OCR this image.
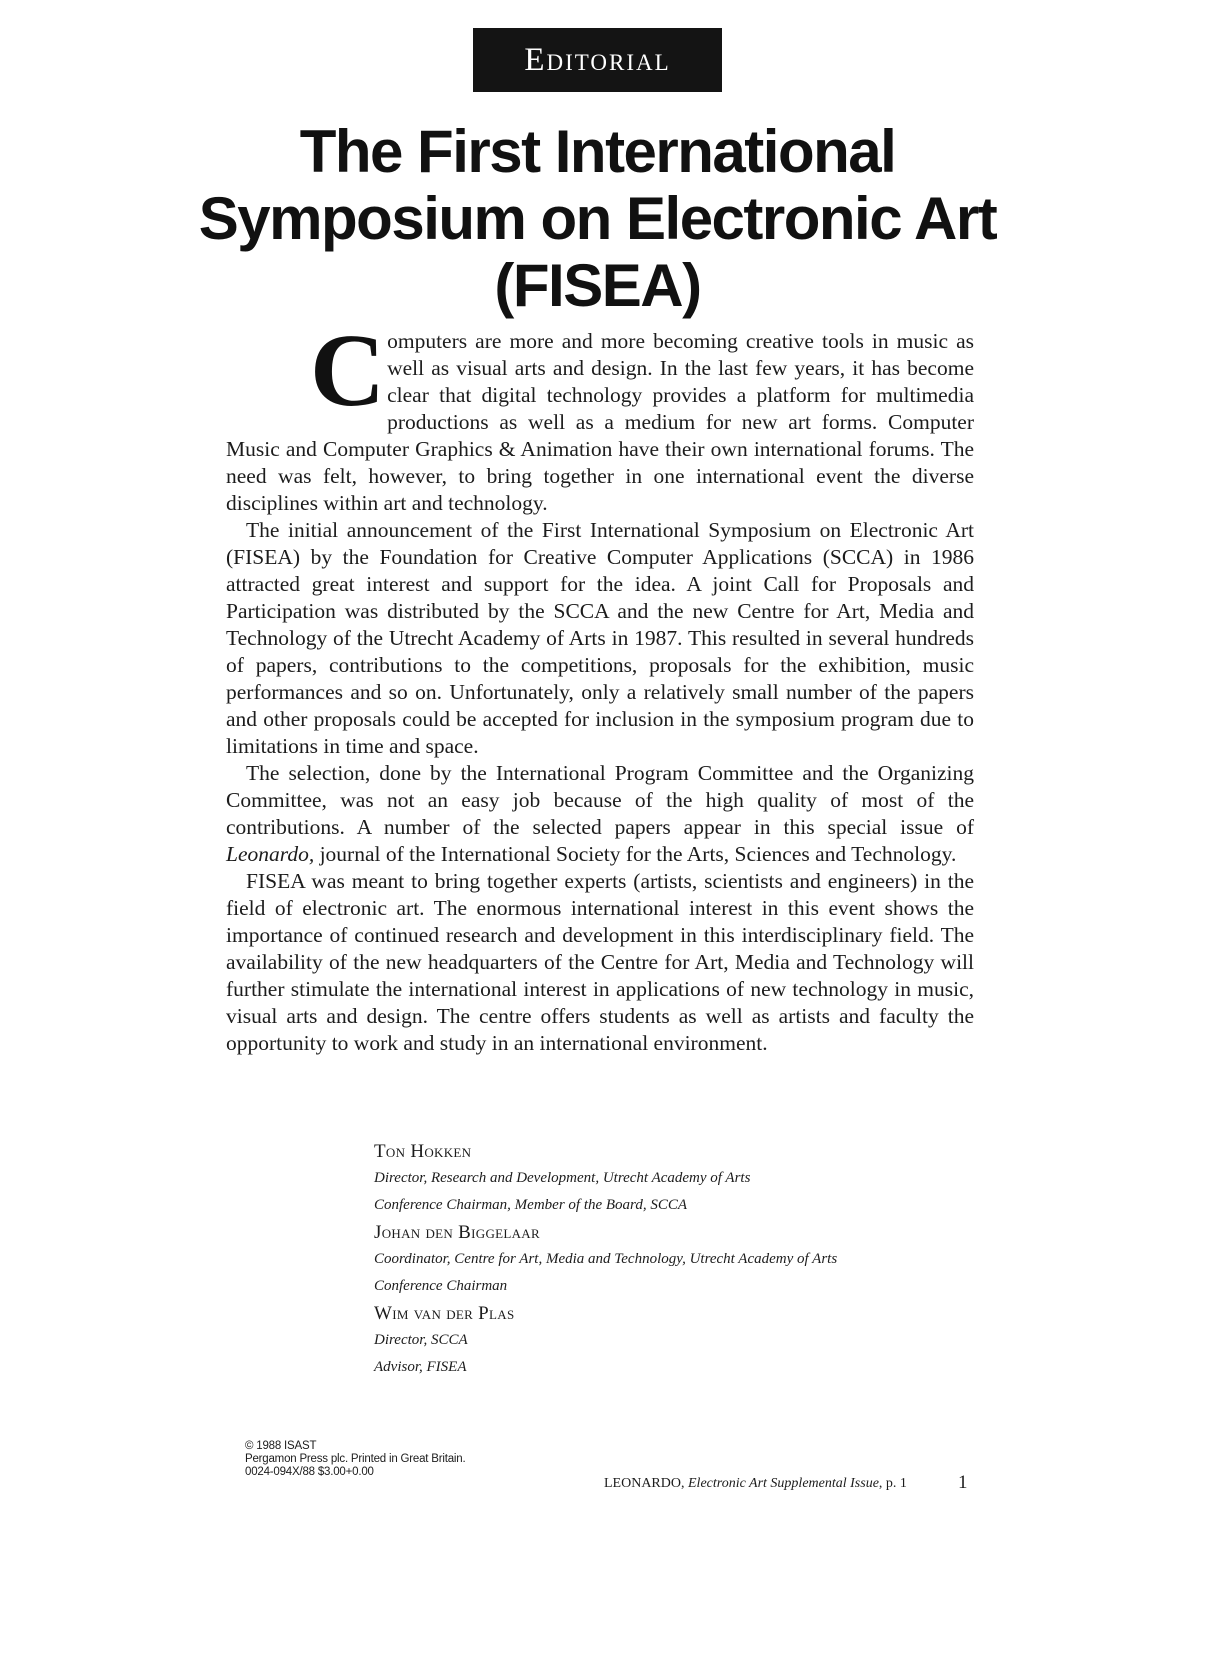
Editorial
The First International
Symposium on Electronic Art
(FISEA)

Computers are more and more becoming creative tools in music as well as visual arts and design. In the last few years, it has become clear that digital technology provides a platform for multimedia productions as well as a medium for new art forms. Computer Music and Computer Graphics & Animation have their own international forums. The need was felt, however, to bring together in one international event the diverse disciplines within art and technology.

The initial announcement of the First International Symposium on Electronic Art (FISEA) by the Foundation for Creative Computer Applications (SCCA) in 1986 attracted great interest and support for the idea. A joint Call for Proposals and Participation was distributed by the SCCA and the new Centre for Art, Media and Technology of the Utrecht Academy of Arts in 1987. This resulted in several hundreds of papers, contributions to the competitions, proposals for the exhibition, music performances and so on. Unfortunately, only a relatively small number of the papers and other proposals could be accepted for inclusion in the symposium program due to limitations in time and space.

The selection, done by the International Program Committee and the Organizing Committee, was not an easy job because of the high quality of most of the contributions. A number of the selected papers appear in this special issue of Leonardo, journal of the International Society for the Arts, Sciences and Technology.

FISEA was meant to bring together experts (artists, scientists and engineers) in the field of electronic art. The enormous international interest in this event shows the importance of continued research and development in this interdisciplinary field. The availability of the new headquarters of the Centre for Art, Media and Technology will further stimulate the international interest in applications of new technology in music, visual arts and design. The centre offers students as well as artists and faculty the opportunity to work and study in an international environment.

Ton Hokken
Director, Research and Development, Utrecht Academy of Arts
Conference Chairman, Member of the Board, SCCA
Johan den Biggelaar
Coordinator, Centre for Art, Media and Technology, Utrecht Academy of Arts
Conference Chairman
Wim van der Plas
Director, SCCA
Advisor, FISEA
© 1988 ISAST
Pergamon Press plc. Printed in Great Britain.
0024-094X/88 $3.00+0.00
LEONARDO, Electronic Art Supplemental Issue, p. 1	1
